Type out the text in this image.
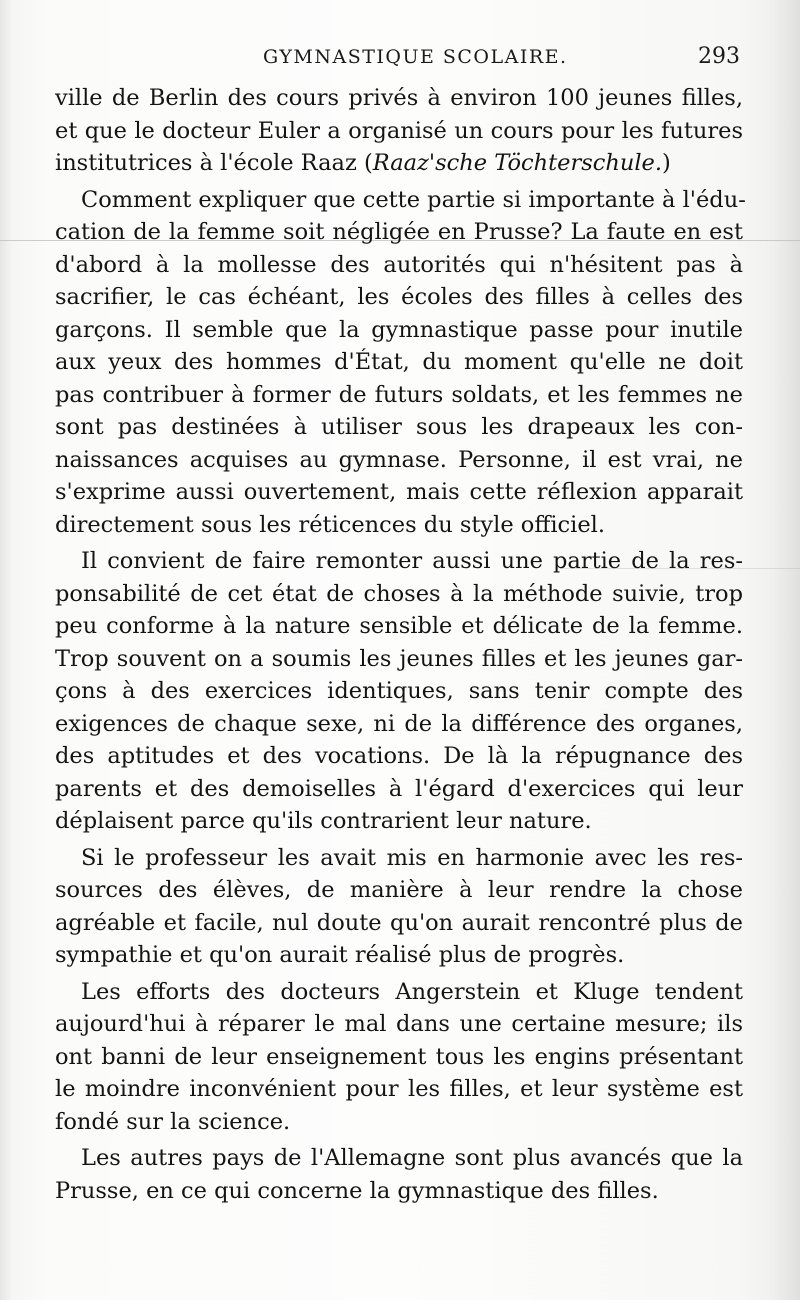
GYMNASTIQUE SCOLAIRE.	293

ville de Berlin des cours privés à environ 100 jeunes filles,
et que le docteur Euler a organisé un cours pour les futures
institutrices à l'école Raaz (Raaz'sche Töchterschule.)

Comment expliquer que cette partie si importante à l'édu-
cation de la femme soit négligée en Prusse? La faute en est
d'abord à la mollesse des autorités qui n'hésitent pas à
sacrifier, le cas échéant, les écoles des filles à celles des
garçons. Il semble que la gymnastique passe pour inutile
aux yeux des hommes d'État, du moment qu'elle ne doit
pas contribuer à former de futurs soldats, et les femmes ne
sont pas destinées à utiliser sous les drapeaux les con-
naissances acquises au gymnase. Personne, il est vrai, ne
s'exprime aussi ouvertement, mais cette réflexion apparait
directement sous les réticences du style officiel.

Il convient de faire remonter aussi une partie de la res-
ponsabilité de cet état de choses à la méthode suivie, trop
peu conforme à la nature sensible et délicate de la femme.
Trop souvent on a soumis les jeunes filles et les jeunes gar-
çons à des exercices identiques, sans tenir compte des
exigences de chaque sexe, ni de la différence des organes,
des aptitudes et des vocations. De là la répugnance des
parents et des demoiselles à l'égard d'exercices qui leur
déplaisent parce qu'ils contrarient leur nature.

Si le professeur les avait mis en harmonie avec les res-
sources des élèves, de manière à leur rendre la chose
agréable et facile, nul doute qu'on aurait rencontré plus de
sympathie et qu'on aurait réalisé plus de progrès.

Les efforts des docteurs Angerstein et Kluge tendent
aujourd'hui à réparer le mal dans une certaine mesure; ils
ont banni de leur enseignement tous les engins présentant
le moindre inconvénient pour les filles, et leur système est
fondé sur la science.

Les autres pays de l'Allemagne sont plus avancés que la
Prusse, en ce qui concerne la gymnastique des filles.
